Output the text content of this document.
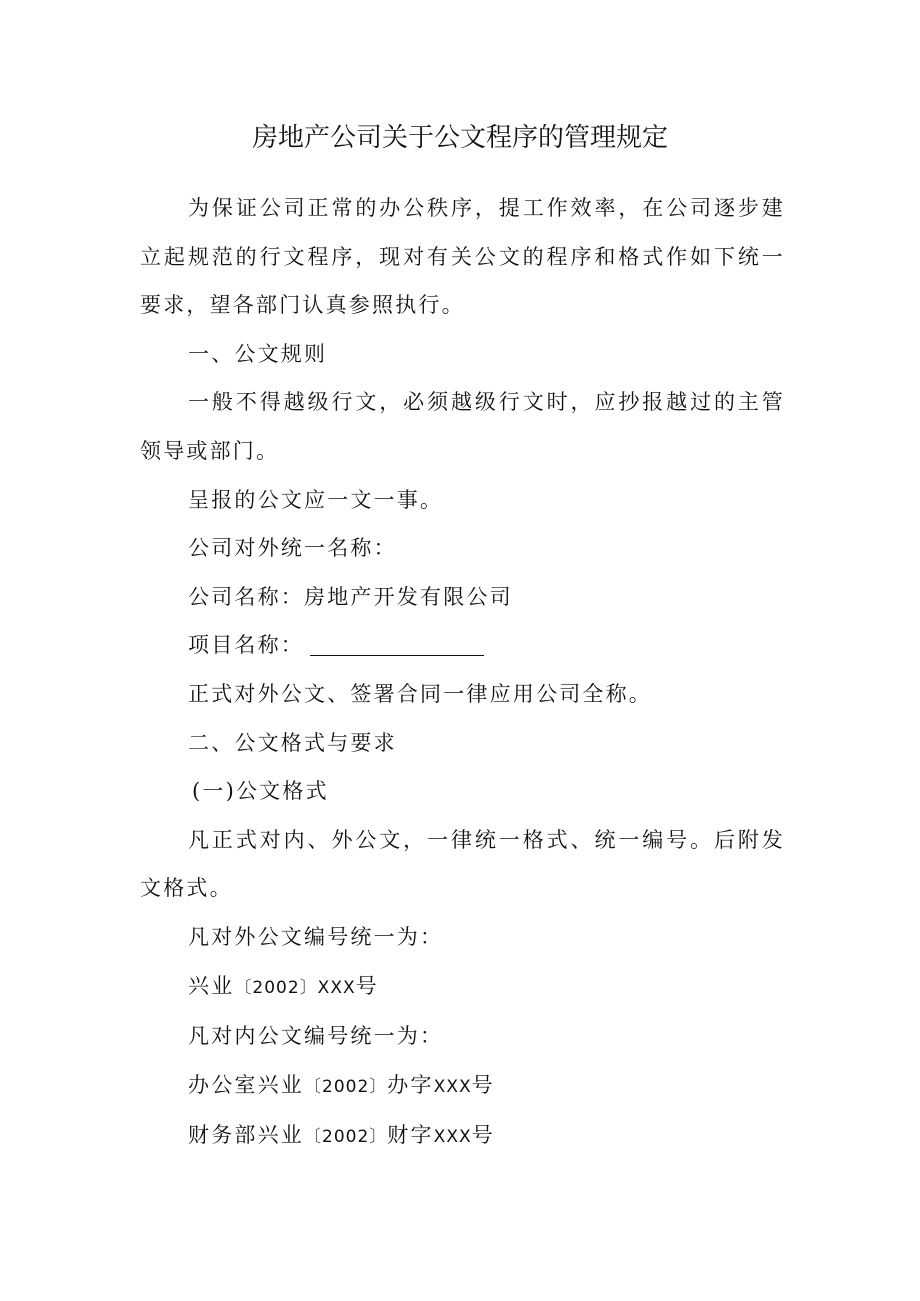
房地产公司关于公文程序的管理规定

为保证公司正常的办公秩序，提工作效率，在公司逐步建立起规范的行文程序，现对有关公文的程序和格式作如下统一要求，望各部门认真参照执行。

一、公文规则

一般不得越级行文，必须越级行文时，应抄报越过的主管领导或部门。

呈报的公文应一文一事。

公司对外统一名称：

公司名称：房地产开发有限公司

项目名称：

正式对外公文、签署合同一律应用公司全称。

二、公文格式与要求

(一)公文格式

凡正式对内、外公文，一律统一格式、统一编号。后附发文格式。

凡对外公文编号统一为：

兴业〔2002〕XXX号

凡对内公文编号统一为：

办公室兴业〔2002〕办字XXX号

财务部兴业〔2002〕财字XXX号
